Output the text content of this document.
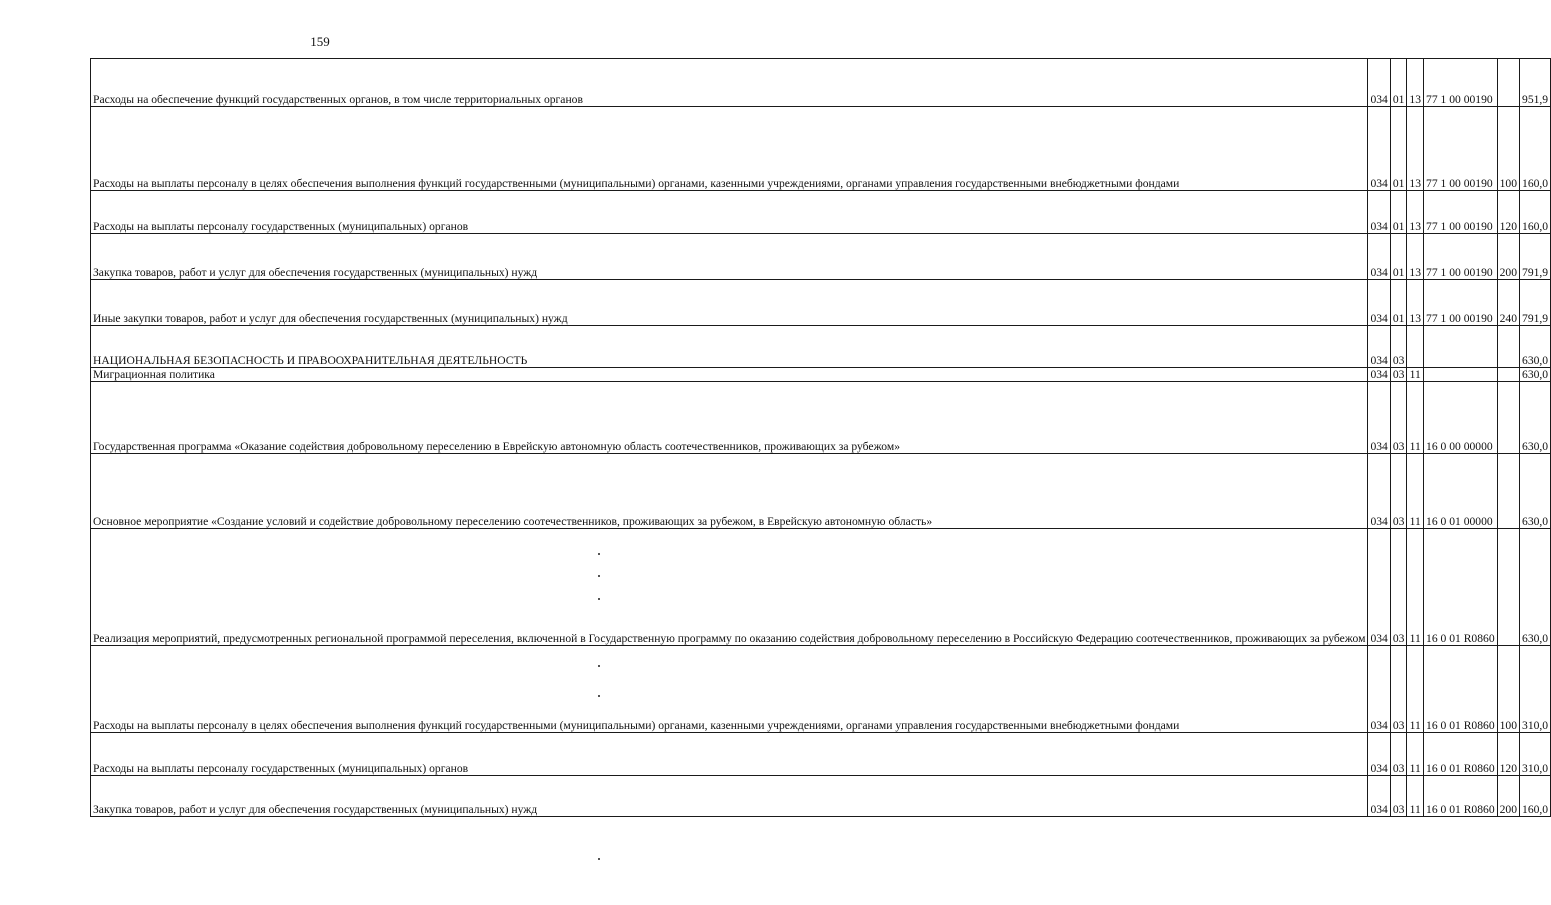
159
Расходы на обеспечение функций государственных органов, в том числе территориальных органов	034	01	13	77 1 00 00190		951,9
Расходы на выплаты персоналу в целях обеспечения выполнения функций государственными (муниципальными) органами, казенными учреждениями, органами управления государственными внебюджетными фондами	034	01	13	77 1 00 00190	100	160,0
Расходы на выплаты персоналу государственных (муниципальных) органов	034	01	13	77 1 00 00190	120	160,0
Закупка товаров, работ и услуг для обеспечения государственных (муниципальных) нужд	034	01	13	77 1 00 00190	200	791,9
Иные закупки товаров, работ и услуг для обеспечения государственных (муниципальных) нужд	034	01	13	77 1 00 00190	240	791,9
НАЦИОНАЛЬНАЯ БЕЗОПАСНОСТЬ И ПРАВООХРАНИТЕЛЬНАЯ ДЕЯТЕЛЬНОСТЬ	034	03				630,0
Миграционная политика	034	03	11			630,0
Государственная программа «Оказание содействия добровольному переселению в Еврейскую автономную область соотечественников, проживающих за рубежом»	034	03	11	16 0 00 00000		630,0
Основное мероприятие «Создание условий и содействие добровольному переселению соотечественников, проживающих за рубежом, в Еврейскую автономную область»	034	03	11	16 0 01 00000		630,0
Реализация мероприятий, предусмотренных региональной программой переселения, включенной в Государственную программу по оказанию содействия добровольному переселению в Российскую Федерацию соотечественников, проживающих за рубежом	034	03	11	16 0 01 R0860		630,0
Расходы на выплаты персоналу в целях обеспечения выполнения функций государственными (муниципальными) органами, казенными учреждениями, органами управления государственными внебюджетными фондами	034	03	11	16 0 01 R0860	100	310,0
Расходы на выплаты персоналу государственных (муниципальных) органов	034	03	11	16 0 01 R0860	120	310,0
Закупка товаров, работ и услуг для обеспечения государственных (муниципальных) нужд	034	03	11	16 0 01 R0860	200	160,0
